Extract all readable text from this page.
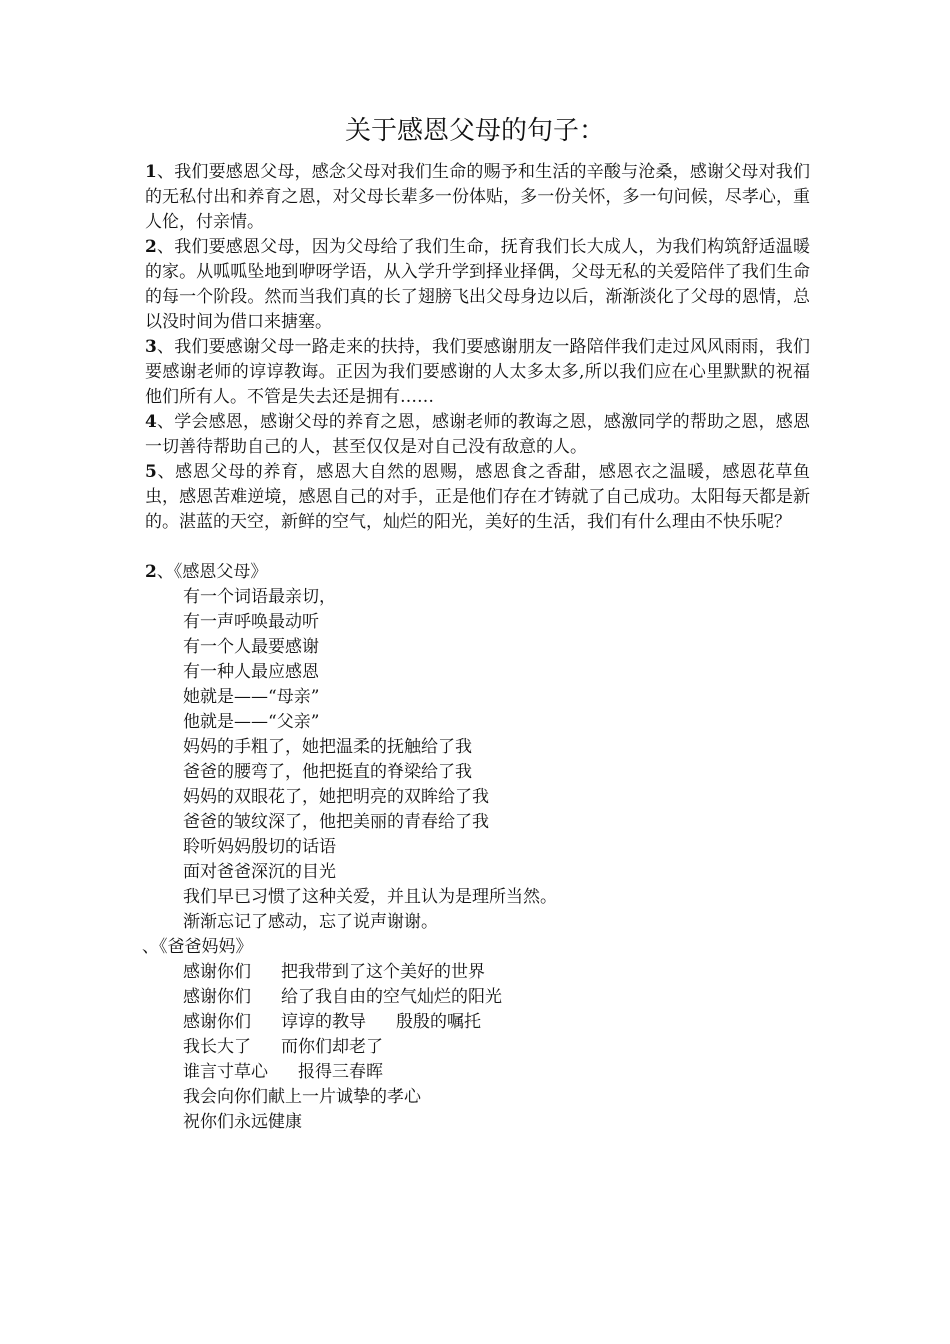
关于感恩父母的句子：

1、我们要感恩父母，感念父母对我们生命的赐予和生活的辛酸与沧桑，感谢父母对我们的无私付出和养育之恩，对父母长辈多一份体贴，多一份关怀，多一句问候，尽孝心，重人伦，付亲情。

2、我们要感恩父母，因为父母给了我们生命，抚育我们长大成人，为我们构筑舒适温暖的家。从呱呱坠地到咿呀学语，从入学升学到择业择偶，父母无私的关爱陪伴了我们生命的每一个阶段。然而当我们真的长了翅膀飞出父母身边以后，渐渐淡化了父母的恩情，总以没时间为借口来搪塞。

3、我们要感谢父母一路走来的扶持，我们要感谢朋友一路陪伴我们走过风风雨雨，我们要感谢老师的谆谆教诲。正因为我们要感谢的人太多太多,所以我们应在心里默默的祝福他们所有人。不管是失去还是拥有……

4、学会感恩，感谢父母的养育之恩，感谢老师的教诲之恩，感激同学的帮助之恩，感恩一切善待帮助自己的人，甚至仅仅是对自己没有敌意的人。

5、感恩父母的养育，感恩大自然的恩赐，感恩食之香甜，感恩衣之温暖，感恩花草鱼虫，感恩苦难逆境，感恩自己的对手，正是他们存在才铸就了自己成功。太阳每天都是新的。湛蓝的天空，新鲜的空气，灿烂的阳光，美好的生活，我们有什么理由不快乐呢？

2、《感恩父母》

有一个词语最亲切，

有一声呼唤最动听

有一个人最要感谢

有一种人最应感恩

她就是——“母亲”

他就是——“父亲”

妈妈的手粗了，她把温柔的抚触给了我

爸爸的腰弯了，他把挺直的脊梁给了我

妈妈的双眼花了，她把明亮的双眸给了我

爸爸的皱纹深了，他把美丽的青春给了我

聆听妈妈殷切的话语

面对爸爸深沉的目光

我们早已习惯了这种关爱，并且认为是理所当然。

渐渐忘记了感动，忘了说声谢谢。

、《爸爸妈妈》

感谢你们 把我带到了这个美好的世界

感谢你们 给了我自由的空气灿烂的阳光

感谢你们 谆谆的教导 殷殷的嘱托

我长大了 而你们却老了

谁言寸草心 报得三春晖

我会向你们献上一片诚挚的孝心

祝你们永远健康
